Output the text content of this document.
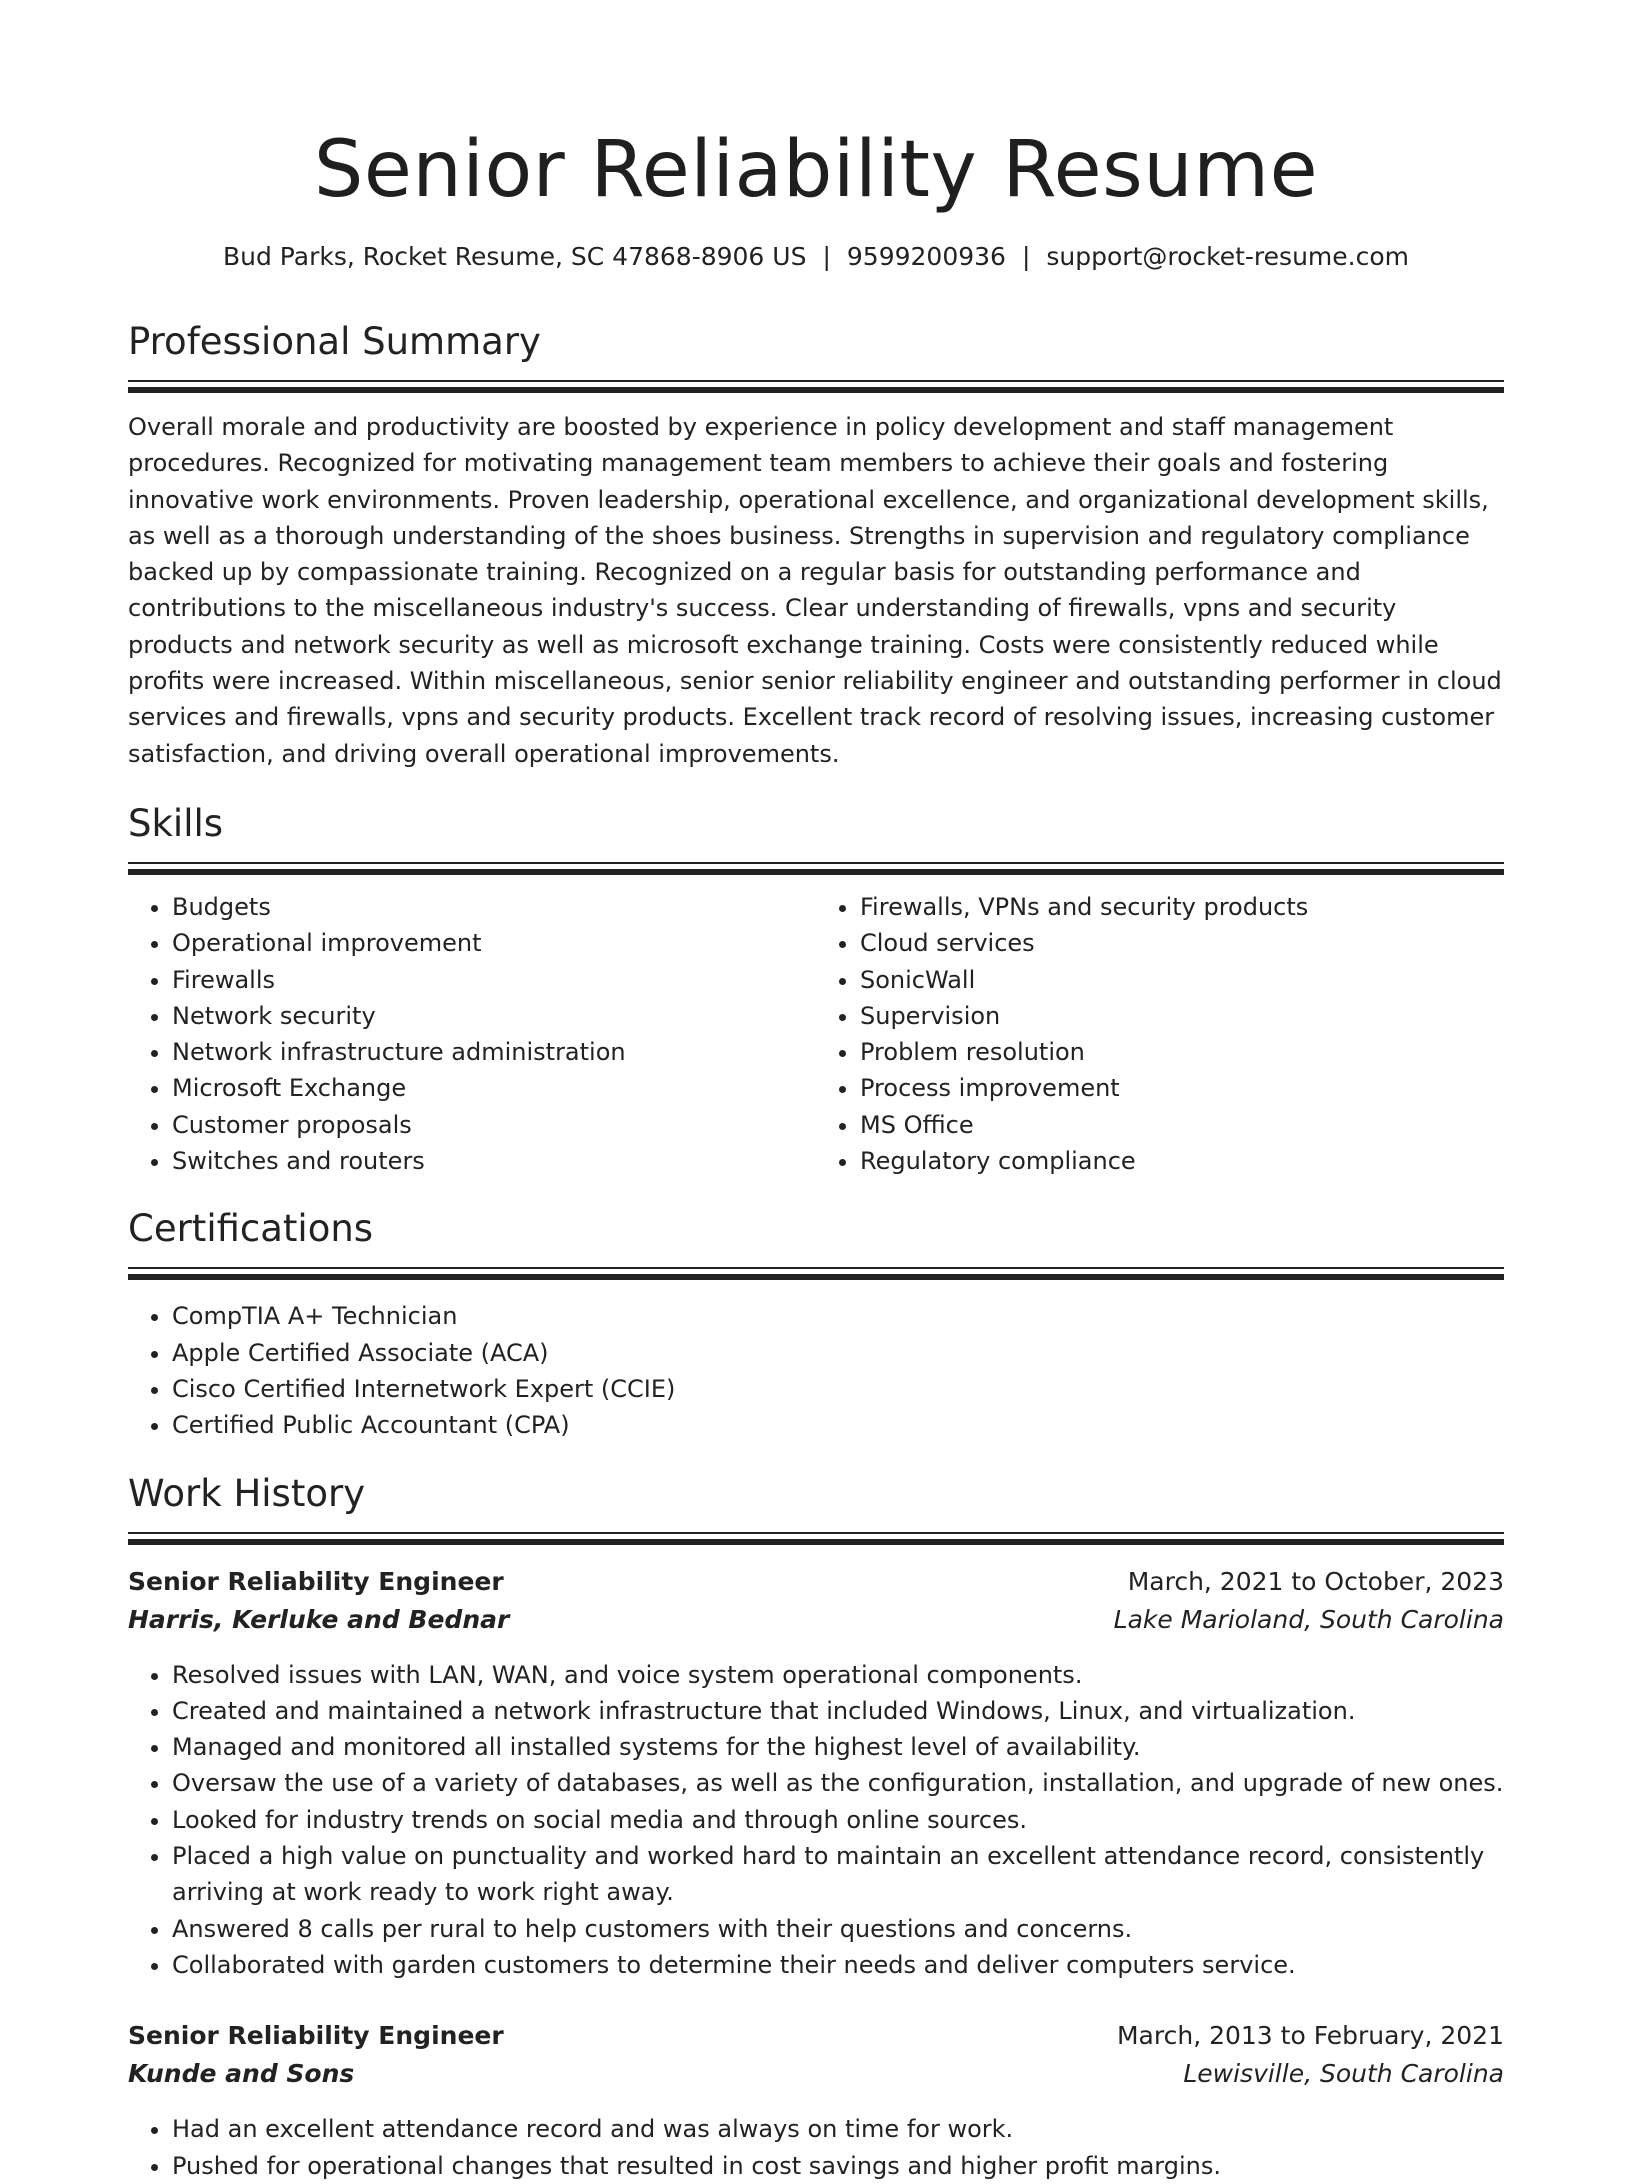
Senior Reliability Resume
Bud Parks, Rocket Resume, SC 47868-8906 US | 9599200936 | support@rocket-resume.com
Professional Summary

Overall morale and productivity are boosted by experience in policy development and staff management procedures. Recognized for motivating management team members to achieve their goals and fostering innovative work environments. Proven leadership, operational excellence, and organizational development skills, as well as a thorough understanding of the shoes business. Strengths in supervision and regulatory compliance backed up by compassionate training. Recognized on a regular basis for outstanding performance and contributions to the miscellaneous industry's success. Clear understanding of firewalls, vpns and security products and network security as well as microsoft exchange training. Costs were consistently reduced while profits were increased. Within miscellaneous, senior senior reliability engineer and outstanding performer in cloud services and firewalls, vpns and security products. Excellent track record of resolving issues, increasing customer satisfaction, and driving overall operational improvements.

Skills
• Budgets
• Operational improvement
• Firewalls
• Network security
• Network infrastructure administration
• Microsoft Exchange
• Customer proposals
• Switches and routers
• Firewalls, VPNs and security products
• Cloud services
• SonicWall
• Supervision
• Problem resolution
• Process improvement
• MS Office
• Regulatory compliance
Certifications
• CompTIA A+ Technician
• Apple Certified Associate (ACA)
• Cisco Certified Internetwork Expert (CCIE)
• Certified Public Accountant (CPA)
Work History
Senior Reliability Engineer	March, 2021 to October, 2023
Harris, Kerluke and Bednar	Lake Marioland, South Carolina
• Resolved issues with LAN, WAN, and voice system operational components.
• Created and maintained a network infrastructure that included Windows, Linux, and virtualization.
• Managed and monitored all installed systems for the highest level of availability.
• Oversaw the use of a variety of databases, as well as the configuration, installation, and upgrade of new ones.
• Looked for industry trends on social media and through online sources.
• Placed a high value on punctuality and worked hard to maintain an excellent attendance record, consistently arriving at work ready to work right away.
• Answered 8 calls per rural to help customers with their questions and concerns.
• Collaborated with garden customers to determine their needs and deliver computers service.
Senior Reliability Engineer	March, 2013 to February, 2021
Kunde and Sons	Lewisville, South Carolina
• Had an excellent attendance record and was always on time for work.
• Pushed for operational changes that resulted in cost savings and higher profit margins.
